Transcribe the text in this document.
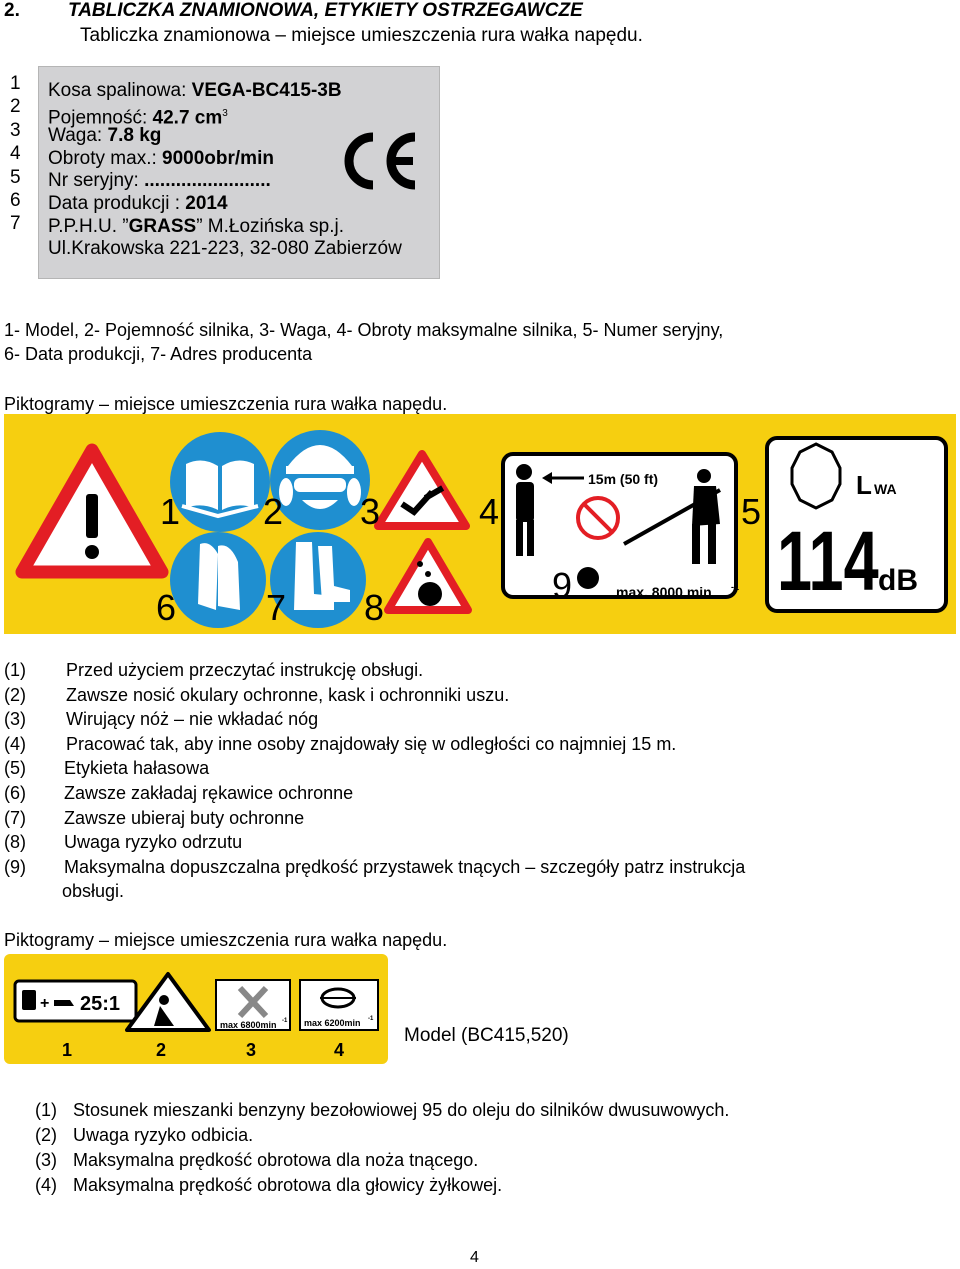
2.	TABLICZKA ZNAMIONOWA, ETYKIETY OSTRZEGAWCZE
Tabliczka znamionowa – miejsce umieszczenia rura wałka napędu.
1
2
3
4
5
6
7
Kosa spalinowa: VEGA-BC415-3B
Pojemność: 42.7 $cm^3$
Waga: 7.8 kg
Obroty max.: 9000obr/min
Nr seryjny: ........................
Data produkcji : 2014
P.P.H.U. ”GRASS” M.Łozińska sp.j.
Ul.Krakowska 221-223, 32-080 Zabierzów
1- Model, 2- Pojemność silnika, 3- Waga, 4- Obroty maksymalne silnika, 5- Numer seryjny,
6- Data produkcji, 7- Adres producenta
Piktogramy – miejsce umieszczenia rura wałka napędu.
15m (50 ft)	L WA
114 dB
1 2 3	4	5
6 7 8
9	max. 8000 min -1
(1) Przed użyciem przeczytać instrukcję obsługi.
(2) Zawsze nosić okulary ochronne, kask i ochronniki uszu.
(3) Wirujący nóż – nie wkładać nóg
(4) Pracować tak, aby inne osoby znajdowały się w odległości co najmniej 15 m.
(5) Etykieta hałasowa
(6) Zawsze zakładaj rękawice ochronne
(7) Zawsze ubieraj buty ochronne
(8) Uwaga ryzyko odrzutu
(9) Maksymalna dopuszczalna prędkość przystawek tnących – szczegóły patrz instrukcja
obsługi.
Piktogramy – miejsce umieszczenia rura wałka napędu.
+ 25:1
max 6800min -1 max 6200min -1
1	2	3	4
Model (BC415,520)
(1) Stosunek mieszanki benzyny bezołowiowej 95 do oleju do silników dwusuwowych.
(2) Uwaga ryzyko odbicia.
(3) Maksymalna prędkość obrotowa dla noża tnącego.
(4) Maksymalna prędkość obrotowa dla głowicy żyłkowej.
4
